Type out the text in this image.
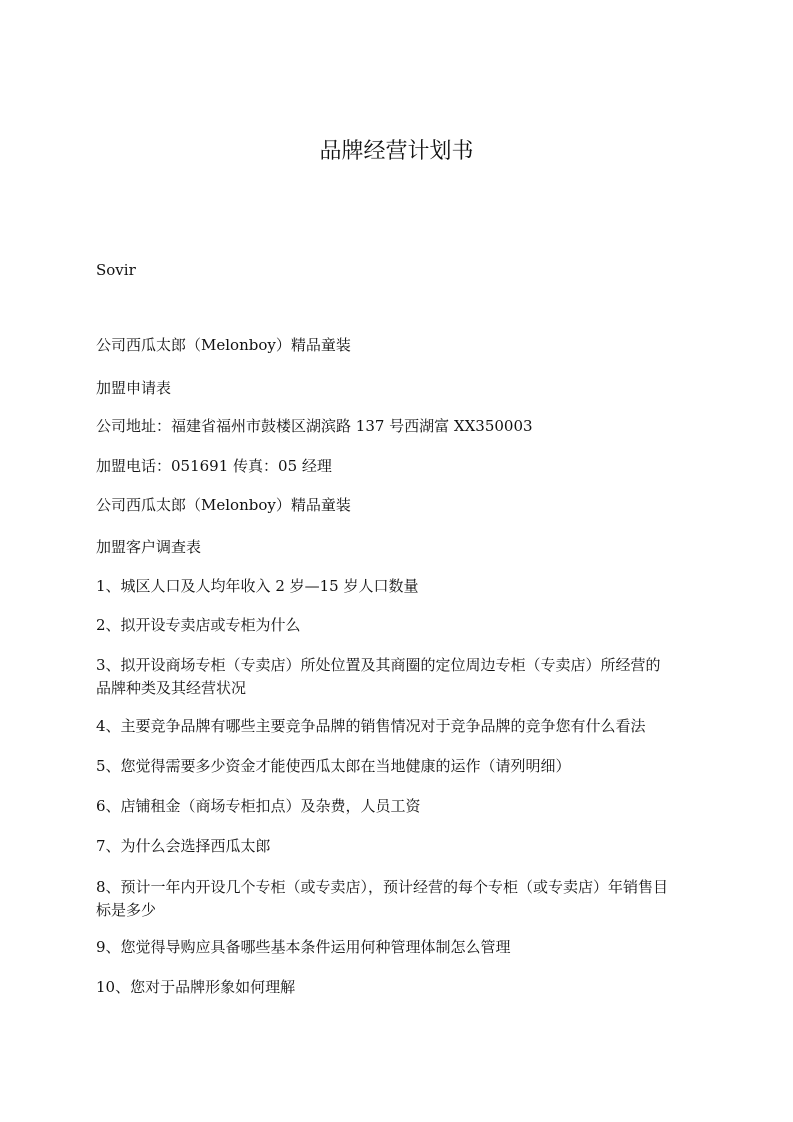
品牌经营计划书
Sovir
公司西瓜太郎（Melonboy）精品童装
加盟申请表
公司地址：福建省福州市鼓楼区湖滨路 137 号西湖富 XX350003
加盟电话：051691 传真：05 经理
公司西瓜太郎（Melonboy）精品童装
加盟客户调查表
1、城区人口及人均年收入 2 岁—15 岁人口数量
2、拟开设专卖店或专柜为什么
3、拟开设商场专柜（专卖店）所处位置及其商圈的定位周边专柜（专卖店）所经营的
品牌种类及其经营状况
4、主要竞争品牌有哪些主要竞争品牌的销售情况对于竞争品牌的竞争您有什么看法
5、您觉得需要多少资金才能使西瓜太郎在当地健康的运作（请列明细）
6、店铺租金（商场专柜扣点）及杂费，人员工资
7、为什么会选择西瓜太郎
8、预计一年内开设几个专柜（或专卖店），预计经营的每个专柜（或专卖店）年销售目
标是多少
9、您觉得导购应具备哪些基本条件运用何种管理体制怎么管理
10、您对于品牌形象如何理解
